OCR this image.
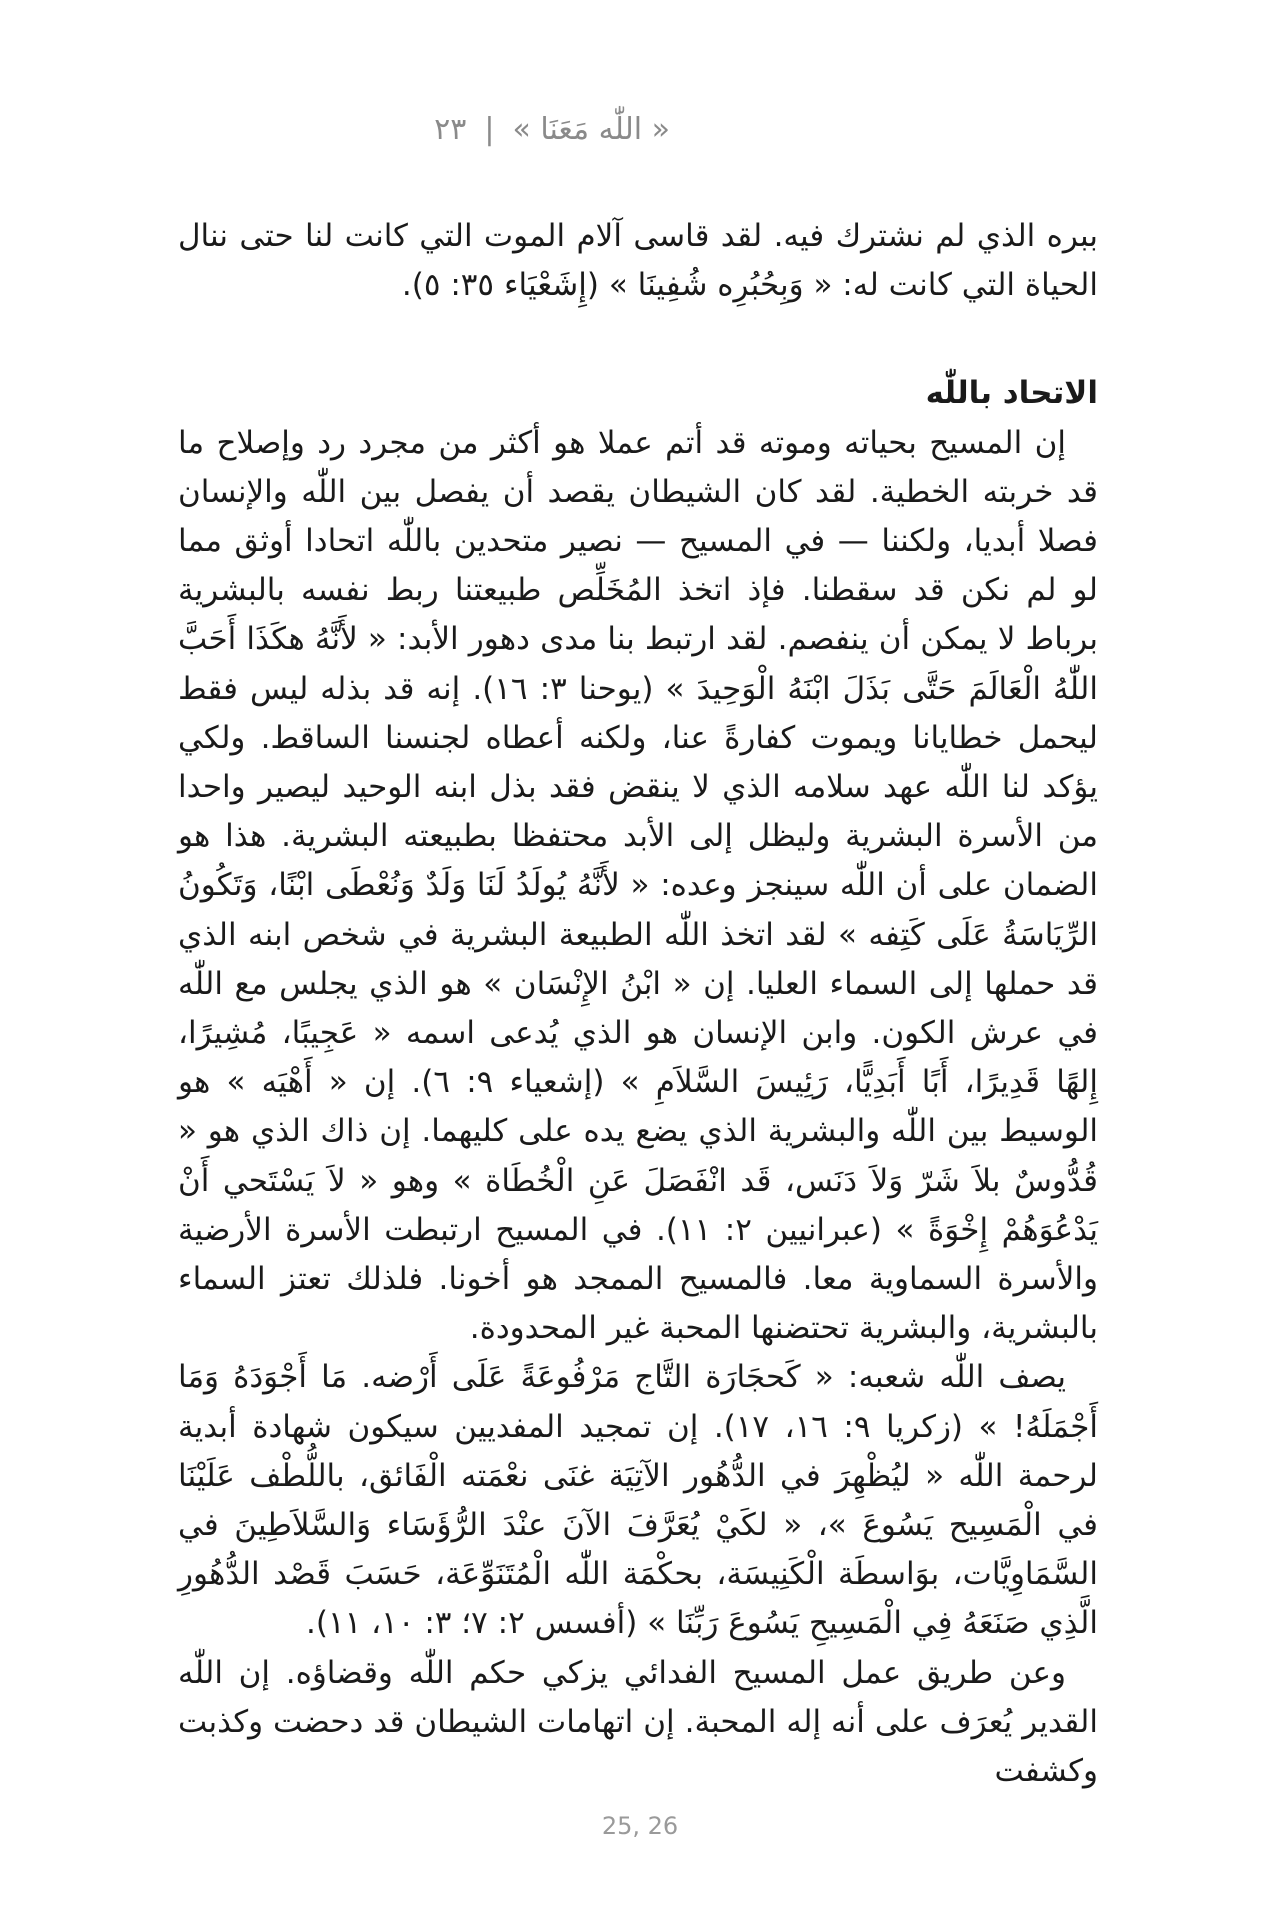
« اللّٰه مَعَنَا »|٢٣

ببره الذي لم نشترك فيه. لقد قاسى آلام الموت التي كانت لنا حتى ننال الحياة التي كانت له: « وَبِحُبُرِه شُفِينَا » (إِشَعْيَاء ٣٥: ٥).

الاتحاد باللّٰه

إن المسيح بحياته وموته قد أتم عملا هو أكثر من مجرد رد وإصلاح ما قد خربته الخطية. لقد كان الشيطان يقصد أن يفصل بين اللّٰه والإنسان فصلا أبديا، ولكننا — في المسيح — نصير متحدين باللّٰه اتحادا أوثق مما لو لم نكن قد سقطنا. فإذ اتخذ المُخَلِّص طبيعتنا ربط نفسه بالبشرية برباط لا يمكن أن ينفصم. لقد ارتبط بنا مدى دهور الأبد: « لأَنَّهُ هكَذَا أَحَبَّ اللّٰهُ الْعَالَمَ حَتَّى بَذَلَ ابْنَهُ الْوَحِيدَ » (يوحنا ٣: ١٦). إنه قد بذله ليس فقط ليحمل خطايانا ويموت كفارةً عنا، ولكنه أعطاه لجنسنا الساقط. ولكي يؤكد لنا اللّٰه عهد سلامه الذي لا ينقض فقد بذل ابنه الوحيد ليصير واحدا من الأسرة البشرية وليظل إلى الأبد محتفظا بطبيعته البشرية. هذا هو الضمان على أن اللّٰه سينجز وعده: « لأَنَّهُ يُولَدُ لَنَا وَلَدٌ وَنُعْطَى ابْنًا، وَتَكُونُ الرِّيَاسَةُ عَلَى كَتِفه » لقد اتخذ اللّٰه الطبيعة البشرية في شخص ابنه الذي قد حملها إلى السماء العليا. إن « ابْنُ الإِنْسَان » هو الذي يجلس مع اللّٰه في عرش الكون. وابن الإنسان هو الذي يُدعى اسمه « عَجِيبًا، مُشِيرًا، إِلهًا قَدِيرًا، أَبًا أَبَدِيًّا، رَئِيسَ السَّلاَمِ » (إشعياء ٩: ٦). إن « أَهْيَه » هو الوسيط بين اللّٰه والبشرية الذي يضع يده على كليهما. إن ذاك الذي هو « قُدُّوسٌ بلاَ شَرّ وَلاَ دَنَس، قَد انْفَصَلَ عَنِ الْخُطَاة » وهو « لاَ يَسْتَحي أَنْ يَدْعُوَهُمْ إِخْوَةً » (عبرانيين ٢: ١١). في المسيح ارتبطت الأسرة الأرضية والأسرة السماوية معا. فالمسيح الممجد هو أخونا. فلذلك تعتز السماء بالبشرية، والبشرية تحتضنها المحبة غير المحدودة.

يصف اللّٰه شعبه: « كَحجَارَة التَّاج مَرْفُوعَةً عَلَى أَرْضه. مَا أَجْوَدَهُ وَمَا أَجْمَلَهُ! » (زكريا ٩: ١٦، ١٧). إن تمجيد المفديين سيكون شهادة أبدية لرحمة اللّٰه « ليُظْهِرَ في الدُّهُور الآتِيَة غنَى نعْمَته الْفَائق، باللُّطْف عَلَيْنَا في الْمَسِيح يَسُوعَ »، « لكَيْ يُعَرَّفَ الآنَ عنْدَ الرُّؤَسَاء وَالسَّلاَطِينَ في السَّمَاوِيَّات، بوَاسطَة الْكَنِيسَة، بحكْمَة اللّٰه الْمُتَنَوِّعَة، حَسَبَ قَصْد الدُّهُورِ الَّذِي صَنَعَهُ فِي الْمَسِيحِ يَسُوعَ رَبِّنَا » (أفسس ٢: ٧؛ ٣: ١٠، ١١).

وعن طريق عمل المسيح الفدائي يزكي حكم اللّٰه وقضاؤه. إن اللّٰه القدير يُعرَف على أنه إله المحبة. إن اتهامات الشيطان قد دحضت وكذبت وكشفت

25, 26
